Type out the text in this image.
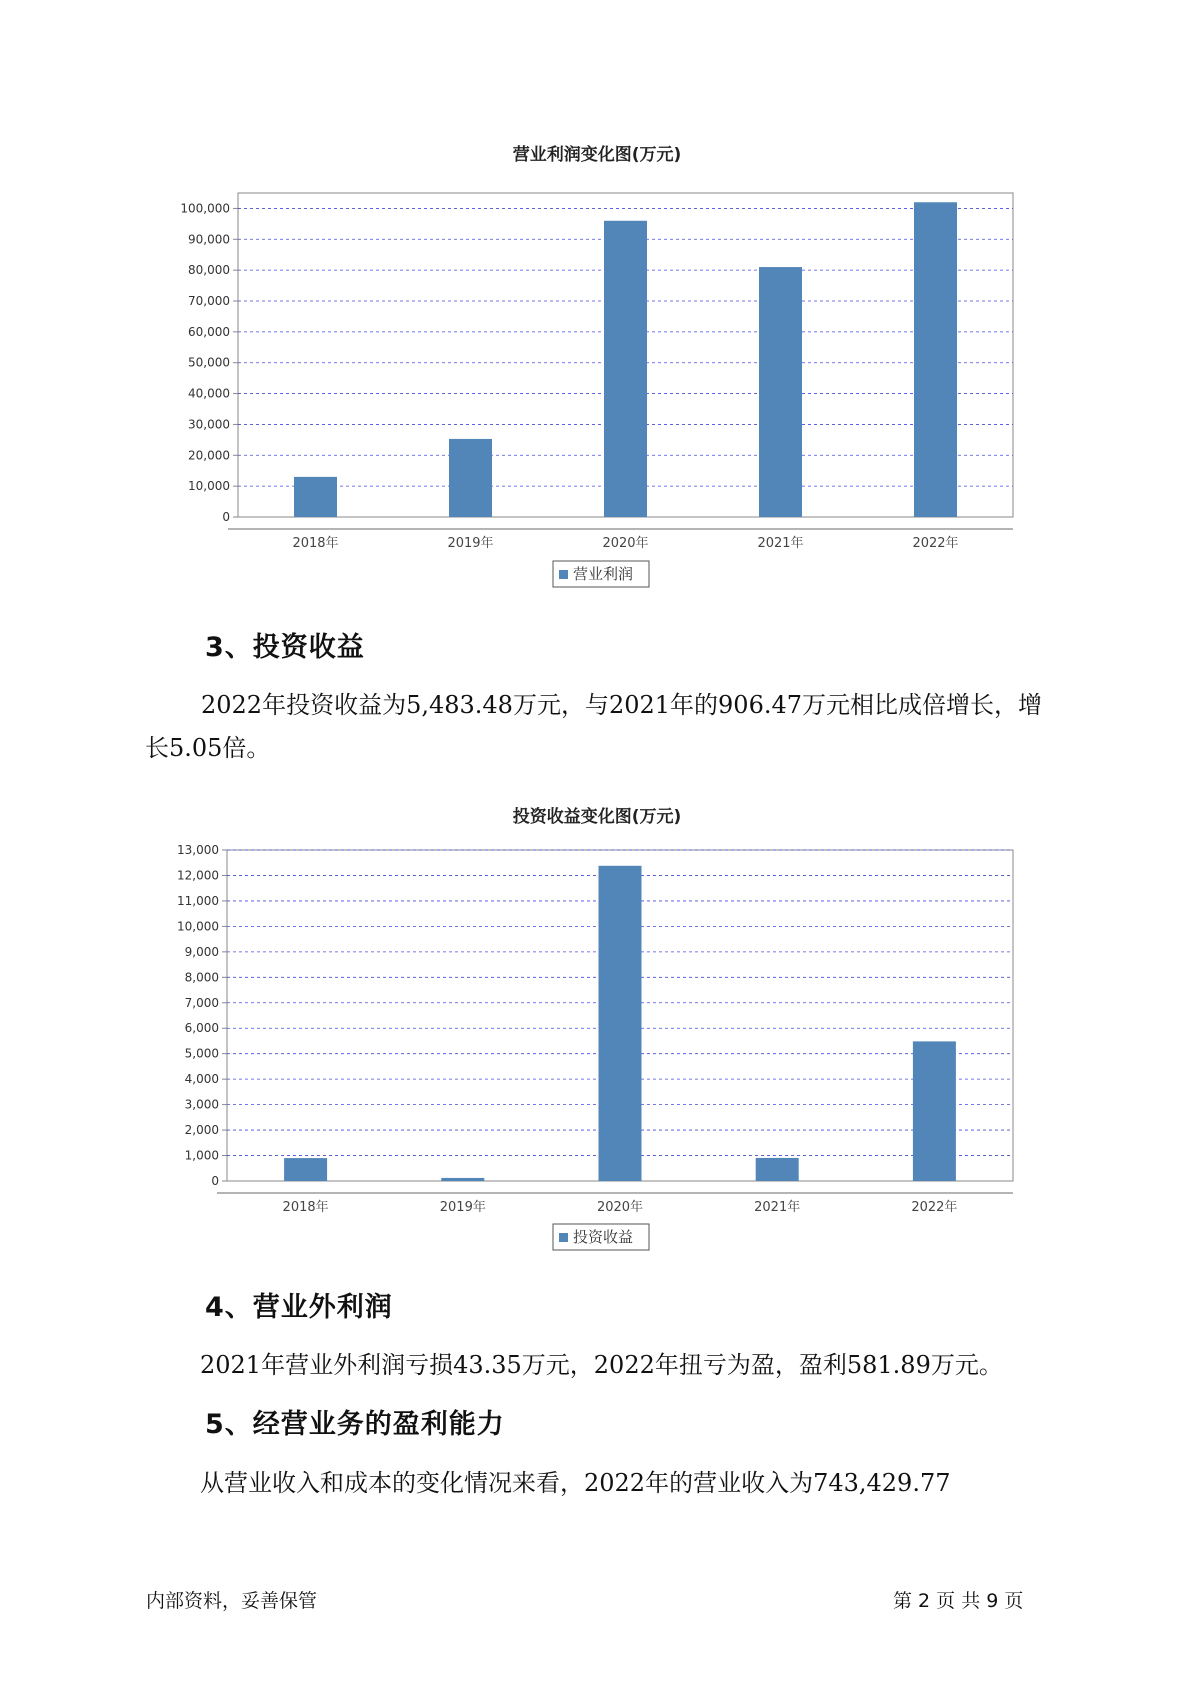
营业利润变化图(万元)
0
10,000
20,000
30,000
40,000
50,000
60,000
70,000
80,000
90,000
100,000
2018年	2019年	2020年	2021年	2022年
营业利润
3、投资收益

2022年投资收益为5,483.48万元，与2021年的906.47万元相比成倍增长，增长5.05倍。

投资收益变化图(万元)
0
1,000
2,000
3,000
4,000
5,000
6,000
7,000
8,000
9,000
10,000
11,000
12,000
13,000
2018年	2019年	2020年	2021年	2022年
投资收益
4、营业外利润

2021年营业外利润亏损43.35万元，2022年扭亏为盈，盈利581.89万元。

5、经营业务的盈利能力

从营业收入和成本的变化情况来看，2022年的营业收入为743,429.77

内部资料，妥善保管	第 2 页 共 9 页
